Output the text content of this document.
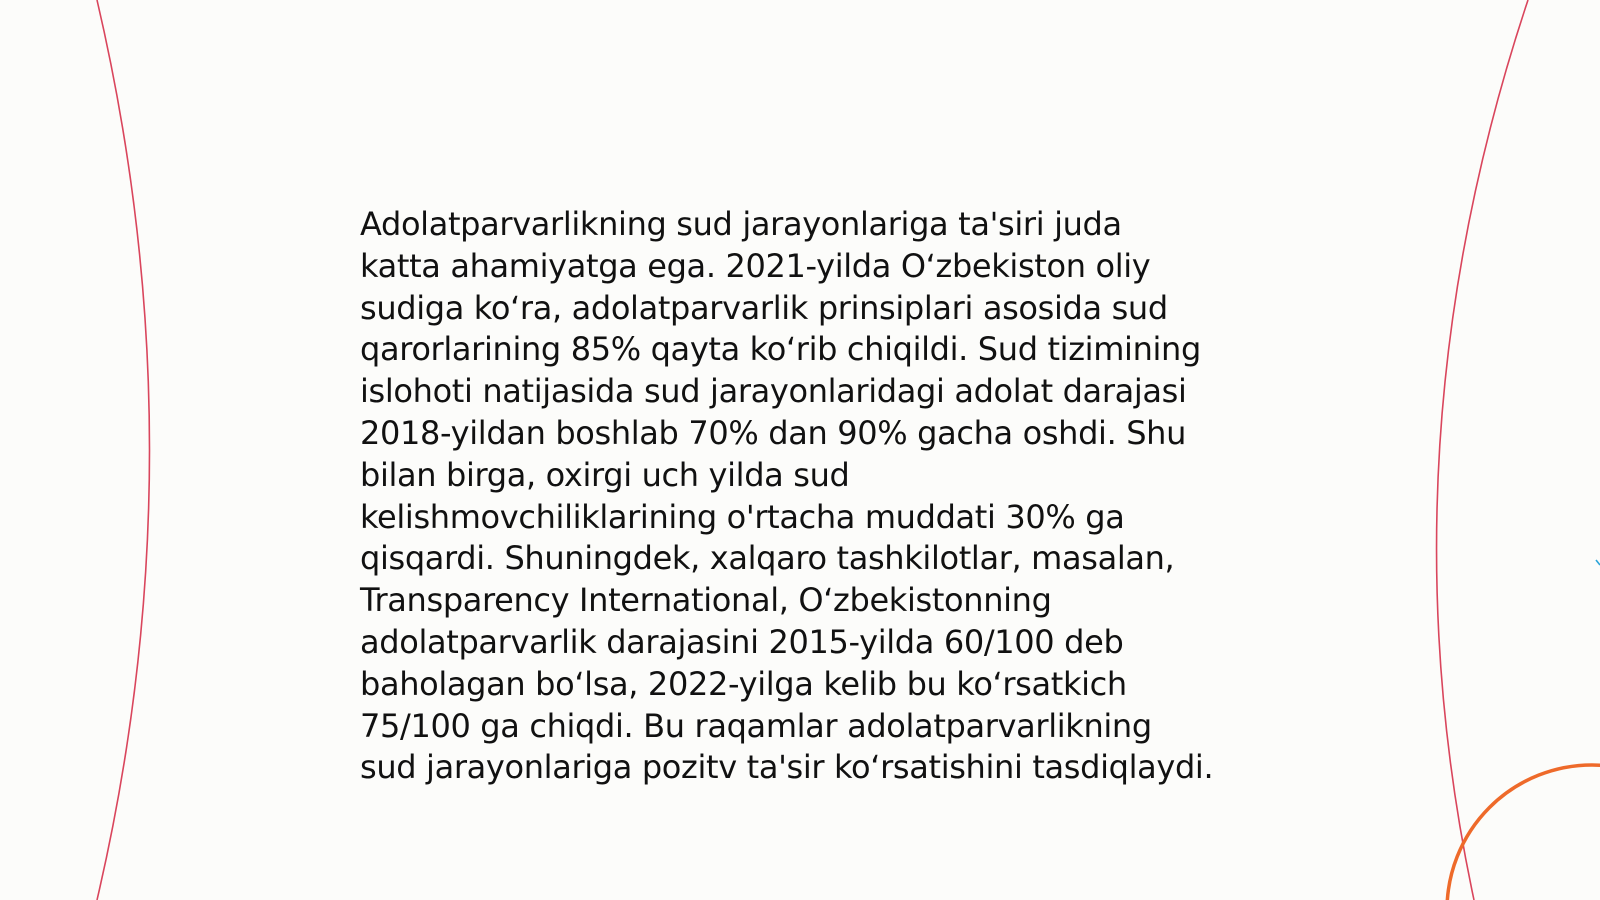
Adolatparvarlikning sud jarayonlariga ta'siri juda
katta ahamiyatga ega. 2021-yilda O‘zbekiston oliy
sudiga ko‘ra, adolatparvarlik prinsiplari asosida sud
qarorlarining 85% qayta ko‘rib chiqildi. Sud tizimining
islohoti natijasida sud jarayonlaridagi adolat darajasi
2018-yildan boshlab 70% dan 90% gacha oshdi. Shu
bilan birga, oxirgi uch yilda sud
kelishmovchiliklarining o'rtacha muddati 30% ga
qisqardi. Shuningdek, xalqaro tashkilotlar, masalan,
Transparency International, O‘zbekistonning
adolatparvarlik darajasini 2015-yilda 60/100 deb
baholagan bo‘lsa, 2022-yilga kelib bu ko‘rsatkich
75/100 ga chiqdi. Bu raqamlar adolatparvarlikning
sud jarayonlariga pozitv ta'sir ko‘rsatishini tasdiqlaydi.
